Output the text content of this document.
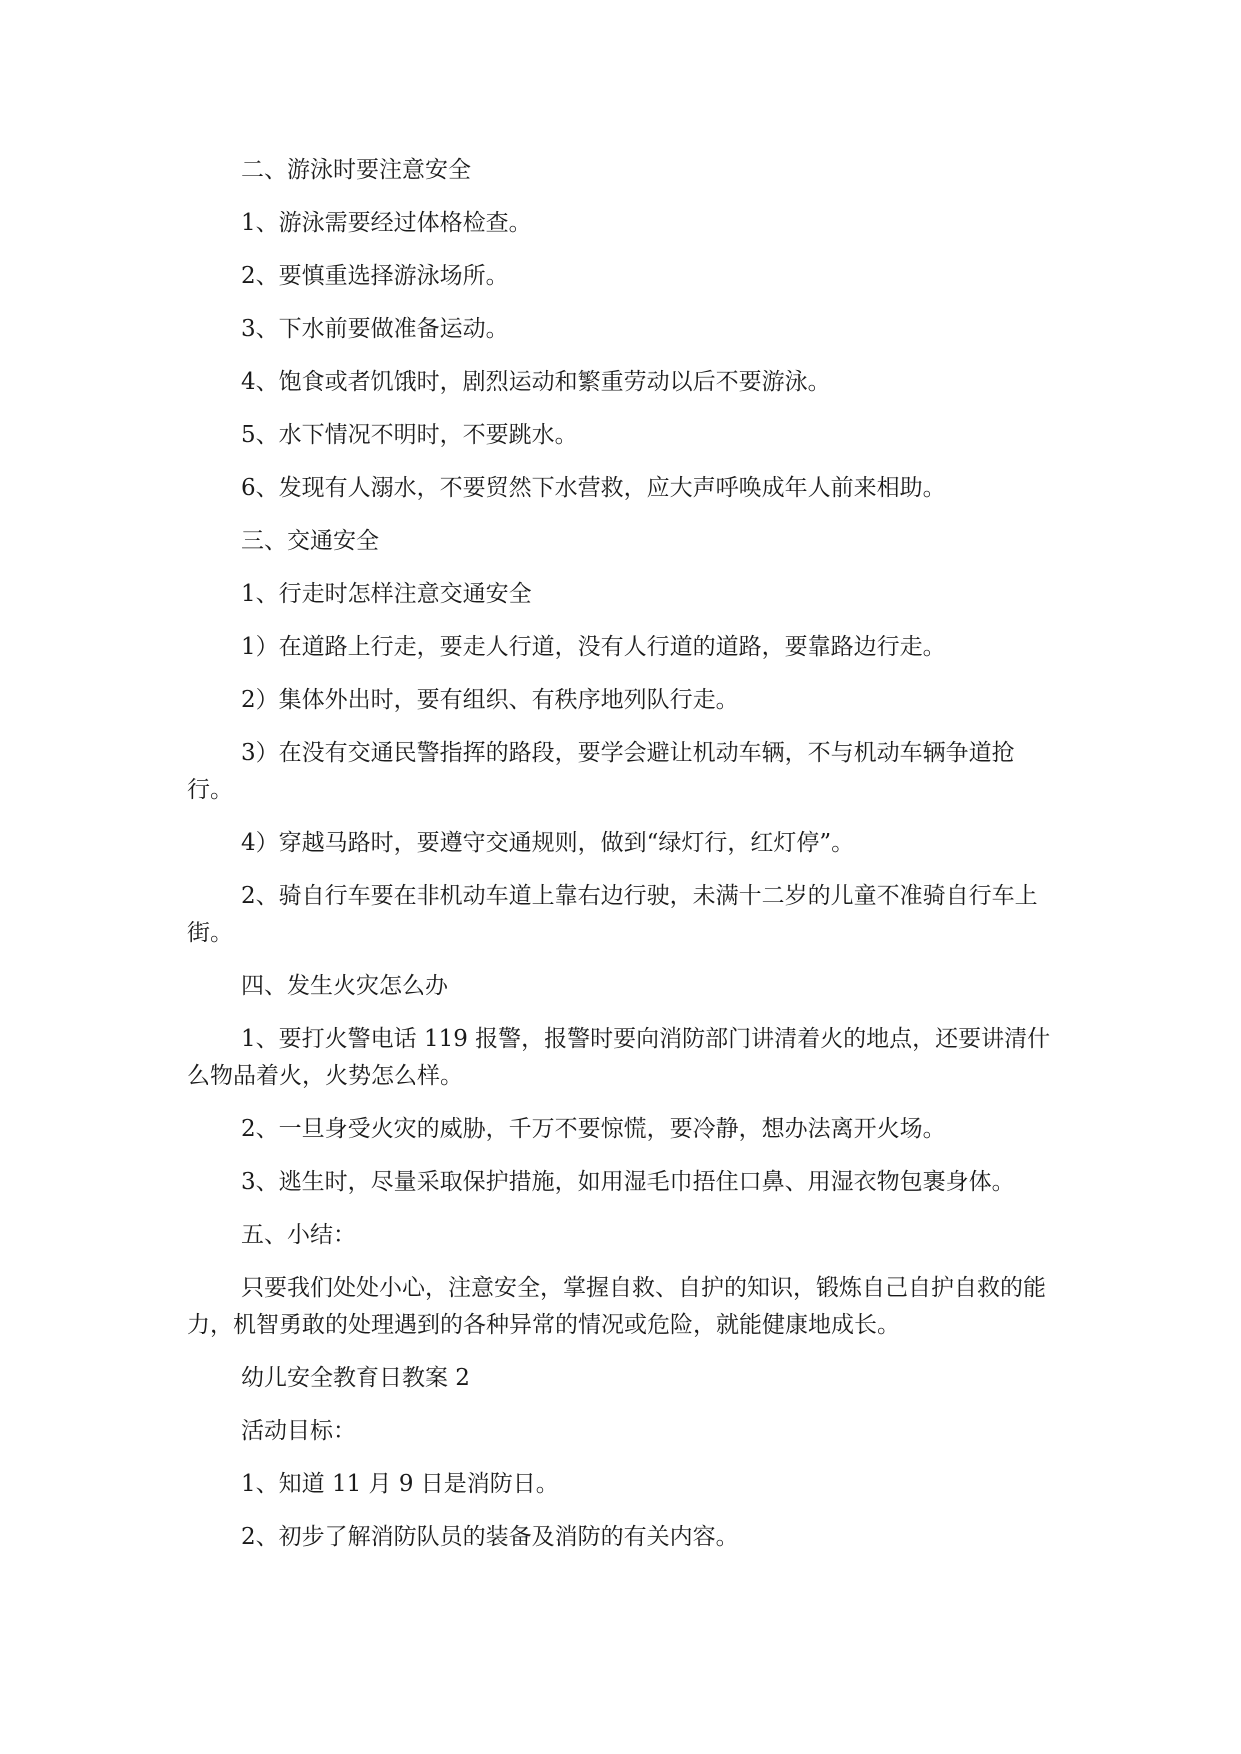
二、游泳时要注意安全

1、游泳需要经过体格检查。

2、要慎重选择游泳场所。

3、下水前要做准备运动。

4、饱食或者饥饿时，剧烈运动和繁重劳动以后不要游泳。

5、水下情况不明时，不要跳水。

6、发现有人溺水，不要贸然下水营救，应大声呼唤成年人前来相助。

三、交通安全

1、行走时怎样注意交通安全

1）在道路上行走，要走人行道，没有人行道的道路，要靠路边行走。

2）集体外出时，要有组织、有秩序地列队行走。

3）在没有交通民警指挥的路段，要学会避让机动车辆，不与机动车辆争道抢行。

4）穿越马路时，要遵守交通规则，做到“绿灯行，红灯停”。

2、骑自行车要在非机动车道上靠右边行驶，未满十二岁的儿童不准骑自行车上街。

四、发生火灾怎么办

1、要打火警电话 119 报警，报警时要向消防部门讲清着火的地点，还要讲清什么物品着火，火势怎么样。

2、一旦身受火灾的威胁，千万不要惊慌，要冷静，想办法离开火场。

3、逃生时，尽量采取保护措施，如用湿毛巾捂住口鼻、用湿衣物包裹身体。

五、小结：

只要我们处处小心，注意安全，掌握自救、自护的知识，锻炼自己自护自救的能力，机智勇敢的处理遇到的各种异常的情况或危险，就能健康地成长。

幼儿安全教育日教案 2

活动目标：

1、知道 11 月 9 日是消防日。

2、初步了解消防队员的装备及消防的有关内容。
